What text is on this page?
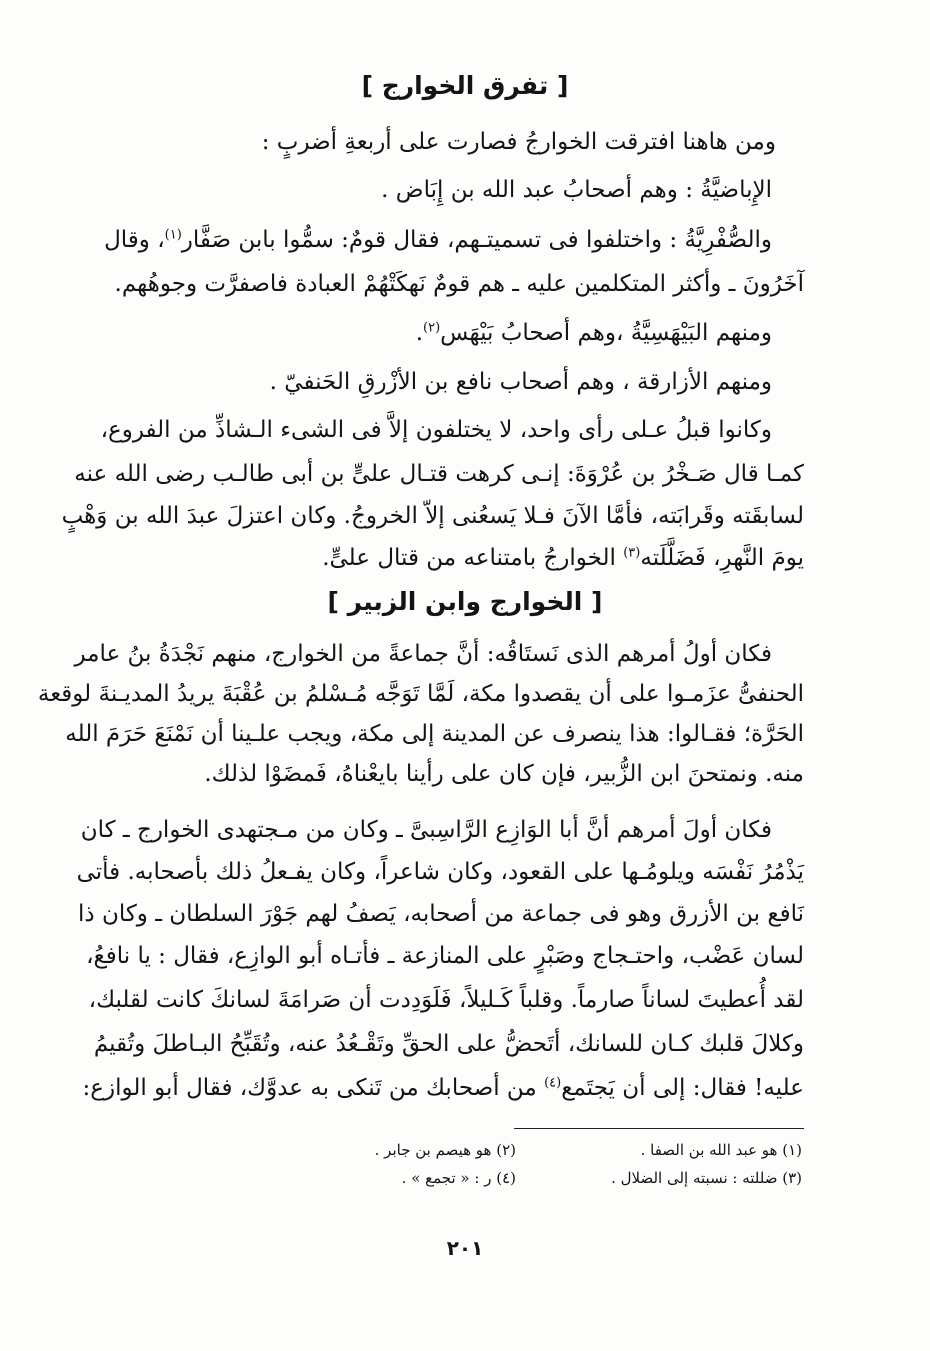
[ تفرق الخوارج ]
ومن هاهنا افترقت الخوارجُ فصارت على أربعةِ أضربٍ :
الإِباضيَّةُ : وهم أصحابُ عبد الله بن إِبَاض .
والصُّفْرِيَّةُ : واختلفوا فى تسميتـهم، فقال قومٌ: سمُّوا بابن صَفَّار$^{(١)}$، وقال
آخَرُونَ ـ وأكثر المتكلمين عليه ـ هم قومٌ نَهكَتْهُمْ العبادة فاصفرَّت وجوهُهم.
ومنهم البَيْهَسِيَّةُ ،وهم أصحابُ بَيْهَس$^{(٢)}$.
ومنهم الأزارقة ، وهم أصحاب نافع بن الأزْرقِ الحَنفيّ .
وكانوا قبلُ عـلى رأى واحد، لا يختلفون إلاَّ فى الشىء الـشاذِّ من الفروع،
كمـا قال صَـخْرُ بن عُرْوَةَ: إنـى كرهت قتـال علىٍّ بن أبى طالـب رضى الله عنه
لسابقَته وقَرابَته، فأمَّا الآنَ فـلا يَسعُنى إلاّ الخروجُ. وكان اعتزلَ عبدَ الله بن وَهْبٍ
يومَ النَّهرِ، فَضَلَّلَته$^{(٣)}$ الخوارجُ بامتناعه من قتال علىٍّ.
[ الخوارج وابن الزبير ]
فكان أولُ أمرهم الذى نَستَاقُه: أنَّ جماعةً من الخوارج، منهم نَجْدَةُ بنُ عامر
الحنفىُّ عزَمـوا على أن يقصدوا مكة، لَمَّا تَوَجَّه مُـسْلمُ بن عُقْبَةَ يريدُ المديـنةَ لوقعة
الحَرَّة؛ فقـالوا: هذا ينصرف عن المدينة إلى مكة، ويجب علـينا أن نَمْنَعَ حَرَمَ الله
منه. ونمتحنَ ابن الزُّبير، فإن كان على رأينا بايعْناهُ، فَمضَوْا لذلك.
فكان أولَ أمرهم أنَّ أبا الوَازِع الرَّاسِبىَّ ـ وكان من مـجتهدى الخوارج ـ كان
يَذْمُرُ نَفْسَه ويلومُـها على القعود، وكان شاعراً، وكان يفـعلُ ذلك بأصحابه. فأتى
نَافع بن الأزرق وهو فى جماعة من أصحابه، يَصفُ لهم جَوْرَ السلطان ـ وكان ذا
لسان عَضْب، واحتـجاج وصَبْرٍ على المنازعة ـ فأتـاه أبو الوازِع، فقال : يا نافعُ،
لقد أُعطيتَ لساناً صارماً. وقلباً كَـليلاً، فَلَوَدِدت أن صَرامَةَ لسانكَ كانت لقلبك،
وكلالَ قلبك كـان للسانك، أتَحضُّ على الحقِّ وتَقْـعُدُ عنه، وتُقَبِّحُ البـاطلَ وتُقيمُ
عليه! فقال: إلى أن يَجتَمع$^{(٤)}$ من أصحابك من تَنكى به عدوَّك، فقال أبو الوازع:
(١) هو عبد الله بن الصفا .
(٢) هو هيصم بن جابر .
(٣) ضللته : نسبته إلى الضلال .
(٤) ر : « تجمع » .
٢٠١
